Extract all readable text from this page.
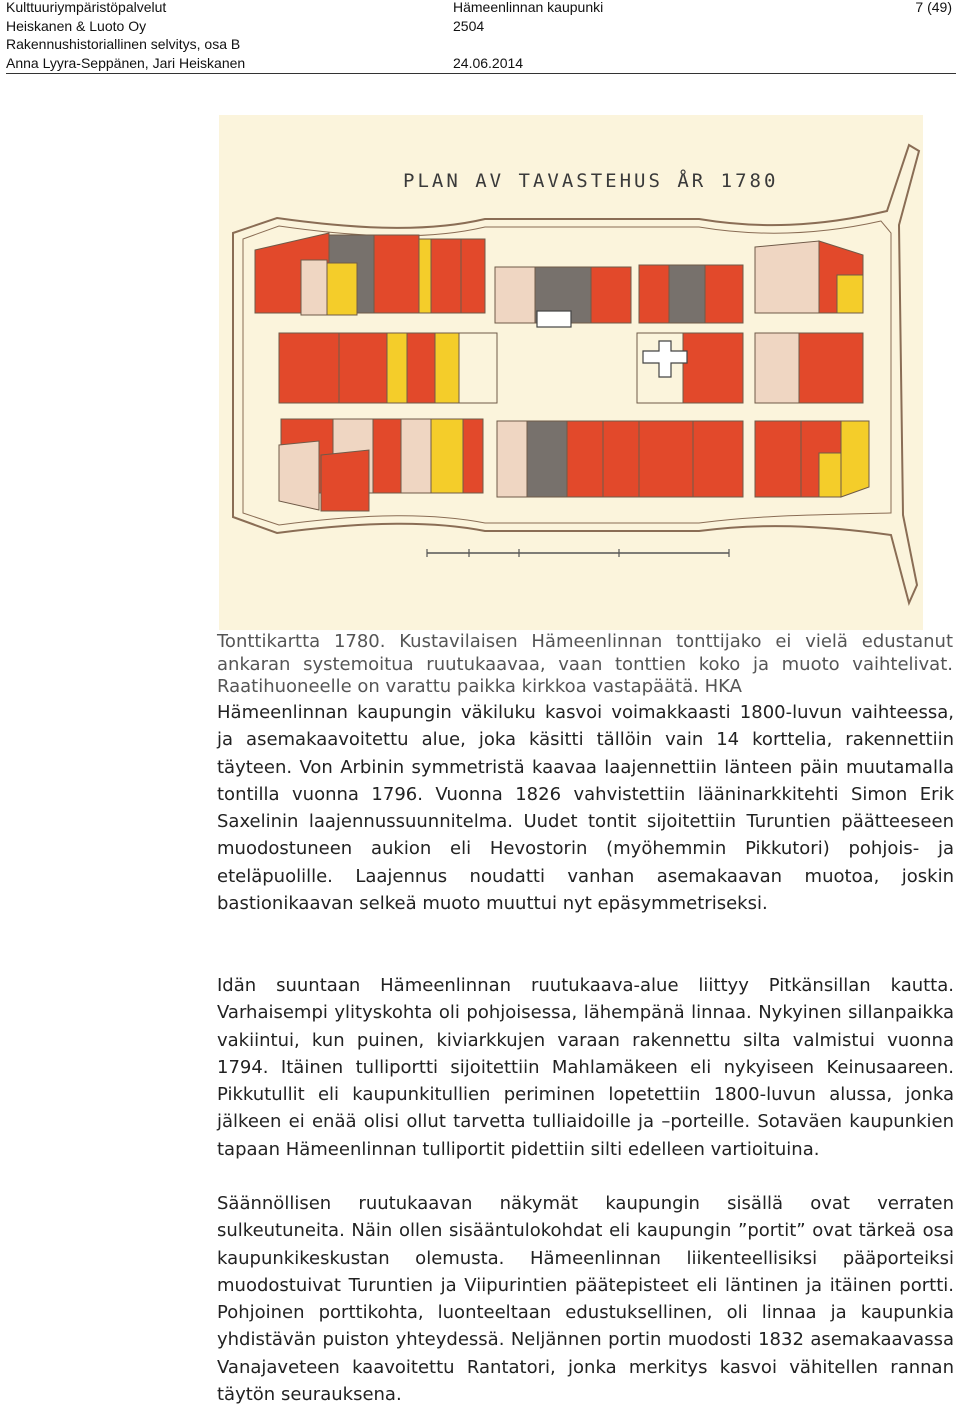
Kulttuuriympäristöpalvelut
Heiskanen & Luoto Oy
Rakennushistoriallinen selvitys, osa B
Anna Lyyra-Seppänen, Jari Heiskanen
Hämeenlinnan kaupunki
2504

24.06.2014
7 (49)
PLAN AV TAVASTEHUS ÅR 1780
Tonttikartta 1780. Kustavilaisen Hämeenlinnan tonttijako ei vielä edustanut ankaran systemoitua ruutukaavaa, vaan tonttien koko ja muoto vaihtelivat. Raatihuoneelle on varattu paikka kirkkoa vastapäätä. HKA

Hämeenlinnan kaupungin väkiluku kasvoi voimakkaasti 1800-luvun vaihteessa, ja asemakaavoitettu alue, joka käsitti tällöin vain 14 korttelia, rakennettiin täyteen. Von Arbinin symmetristä kaavaa laajennettiin länteen päin muutamalla tontilla vuonna 1796. Vuonna 1826 vahvistettiin lääninarkkitehti Simon Erik Saxelinin laajennussuunnitelma. Uudet tontit sijoitettiin Turuntien päätteeseen muodostuneen aukion eli Hevostorin (myöhemmin Pikkutori) pohjois- ja eteläpuolille. Laajennus noudatti vanhan asemakaavan muotoa, joskin bastionikaavan selkeä muoto muuttui nyt epäsymmetriseksi.

Idän suuntaan Hämeenlinnan ruutukaava-alue liittyy Pitkänsillan kautta. Varhaisempi ylityskohta oli pohjoisessa, lähempänä linnaa. Nykyinen sillanpaikka vakiintui, kun puinen, kiviarkkujen varaan rakennettu silta valmistui vuonna 1794. Itäinen tulliportti sijoitettiin Mahlamäkeen eli nykyiseen Keinusaareen. Pikkutullit eli kaupunkitullien periminen lopetettiin 1800-luvun alussa, jonka jälkeen ei enää olisi ollut tarvetta tulliaidoille ja –porteille. Sotaväen kaupunkien tapaan Hämeenlinnan tulliportit pidettiin silti edelleen vartioituina.

Säännöllisen ruutukaavan näkymät kaupungin sisällä ovat verraten sulkeutuneita. Näin ollen sisääntulokohdat eli kaupungin ”portit” ovat tärkeä osa kaupunkikeskustan olemusta. Hämeenlinnan liikenteellisiksi pääporteiksi muodostuivat Turuntien ja Viipurintien päätepisteet eli läntinen ja itäinen portti. Pohjoinen porttikohta, luonteeltaan edustuksellinen, oli linnaa ja kaupunkia yhdistävän puiston yhteydessä. Neljännen portin muodosti 1832 asemakaavassa Vanajaveteen kaavoitettu Rantatori, jonka merkitys kasvoi vähitellen rannan täytön seurauksena.
